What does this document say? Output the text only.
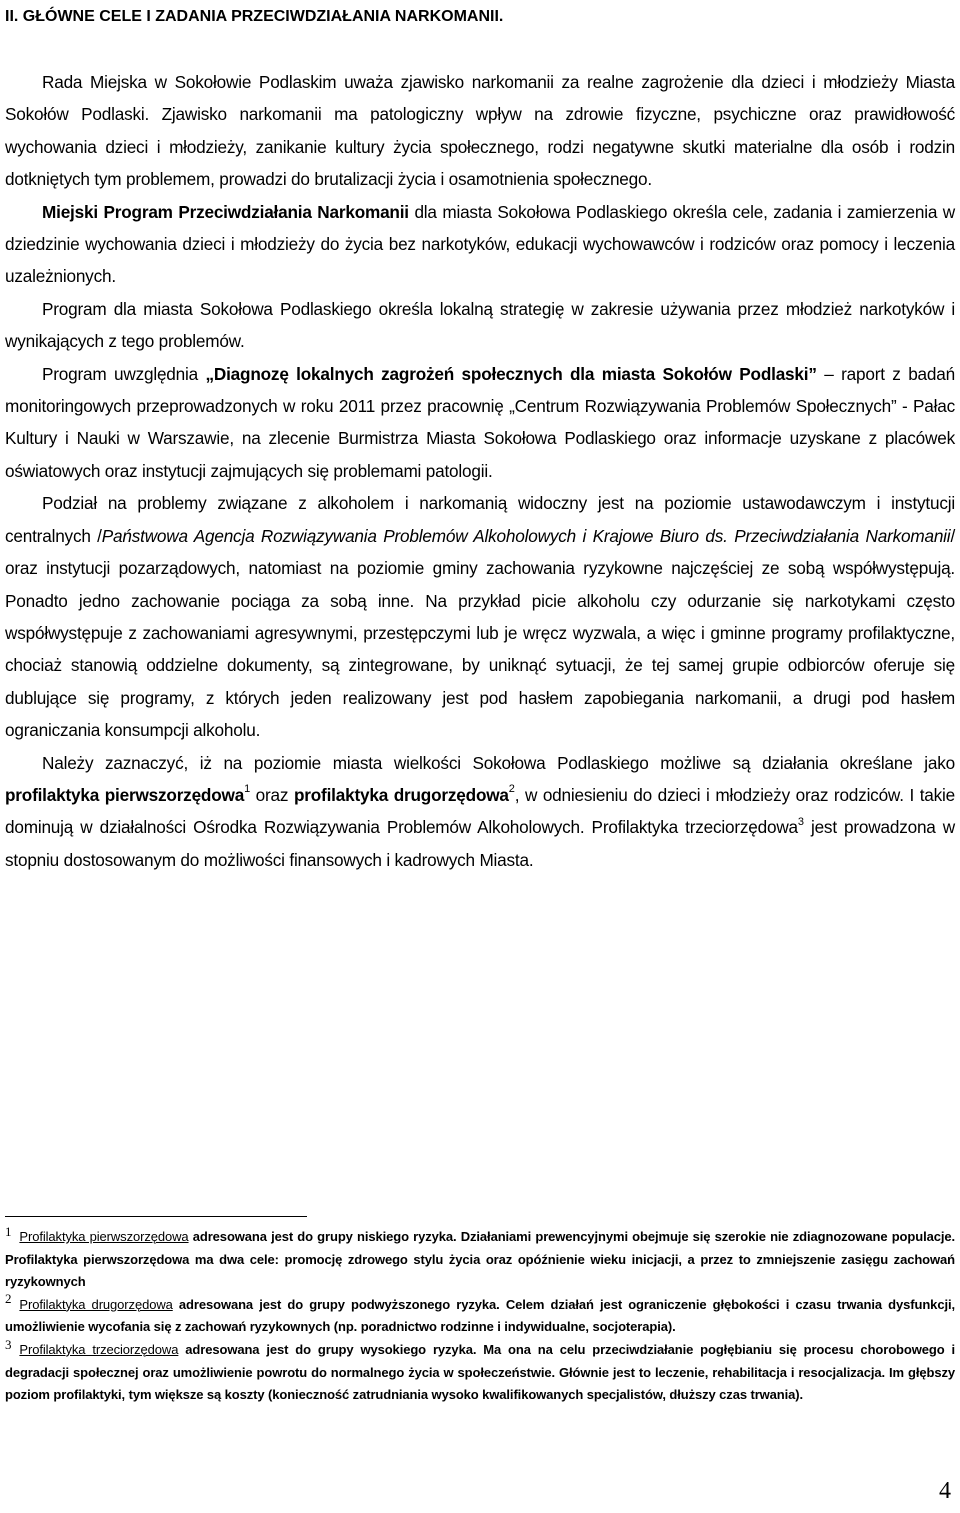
II. GŁÓWNE CELE I ZADANIA PRZECIWDZIAŁANIA NARKOMANII.

Rada Miejska w Sokołowie Podlaskim uważa zjawisko narkomanii za realne zagrożenie dla dzieci i młodzieży Miasta Sokołów Podlaski. Zjawisko narkomanii ma patologiczny wpływ na zdrowie fizyczne, psychiczne oraz prawidłowość wychowania dzieci i młodzieży, zanikanie kultury życia społecznego, rodzi negatywne skutki materialne dla osób i rodzin dotkniętych tym problemem, prowadzi do brutalizacji życia i osamotnienia społecznego.

Miejski Program Przeciwdziałania Narkomanii dla miasta Sokołowa Podlaskiego określa cele, zadania i zamierzenia w dziedzinie wychowania dzieci i młodzieży do życia bez narkotyków, edukacji wychowawców i rodziców oraz pomocy i leczenia uzależnionych.

Program dla miasta Sokołowa Podlaskiego określa lokalną strategię w zakresie używania przez młodzież narkotyków i wynikających z tego problemów.

Program uwzględnia „Diagnozę lokalnych zagrożeń społecznych dla miasta Sokołów Podlaski” – raport z badań monitoringowych przeprowadzonych w roku 2011 przez pracownię „Centrum Rozwiązywania Problemów Społecznych” - Pałac Kultury i Nauki w Warszawie, na zlecenie Burmistrza Miasta Sokołowa Podlaskiego oraz informacje uzyskane z placówek oświatowych oraz instytucji zajmujących się problemami patologii.

Podział na problemy związane z alkoholem i narkomanią widoczny jest na poziomie ustawodawczym i instytucji centralnych /Państwowa Agencja Rozwiązywania Problemów Alkoholowych i Krajowe Biuro ds. Przeciwdziałania Narkomanii/ oraz instytucji pozarządowych, natomiast na poziomie gminy zachowania ryzykowne najczęściej ze sobą współwystępują. Ponadto jedno zachowanie pociąga za sobą inne. Na przykład picie alkoholu czy odurzanie się narkotykami często współwystępuje z zachowaniami agresywnymi, przestępczymi lub je wręcz wyzwala, a więc i gminne programy profilaktyczne, chociaż stanowią oddzielne dokumenty, są zintegrowane, by uniknąć sytuacji, że tej samej grupie odbiorców oferuje się dublujące się programy, z których jeden realizowany jest pod hasłem zapobiegania narkomanii, a drugi pod hasłem ograniczania konsumpcji alkoholu.

Należy zaznaczyć, iż na poziomie miasta wielkości Sokołowa Podlaskiego możliwe są działania określane jako profilaktyka pierwszorzędowa$^1$ oraz profilaktyka drugorzędowa$^2$, w odniesieniu do dzieci i młodzieży oraz rodziców. I takie dominują w działalności Ośrodka Rozwiązywania Problemów Alkoholowych. Profilaktyka trzeciorzędowa$^3$ jest prowadzona w stopniu dostosowanym do możliwości finansowych i kadrowych Miasta.

1 Profilaktyka pierwszorzędowa adresowana jest do grupy niskiego ryzyka. Działaniami prewencyjnymi obejmuje się szerokie nie zdiagnozowane populacje. Profilaktyka pierwszorzędowa ma dwa cele: promocję zdrowego stylu życia oraz opóźnienie wieku inicjacji, a przez to zmniejszenie zasięgu zachowań ryzykownych

2 Profilaktyka drugorzędowa adresowana jest do grupy podwyższonego ryzyka. Celem działań jest ograniczenie głębokości i czasu trwania dysfunkcji, umożliwienie wycofania się z zachowań ryzykownych (np. poradnictwo rodzinne i indywidualne, socjoterapia).

3 Profilaktyka trzeciorzędowa adresowana jest do grupy wysokiego ryzyka. Ma ona na celu przeciwdziałanie pogłębianiu się procesu chorobowego i degradacji społecznej oraz umożliwienie powrotu do normalnego życia w społeczeństwie. Głównie jest to leczenie, rehabilitacja i resocjalizacja. Im głębszy poziom profilaktyki, tym większe są koszty (konieczność zatrudniania wysoko kwalifikowanych specjalistów, dłuższy czas trwania).

4
